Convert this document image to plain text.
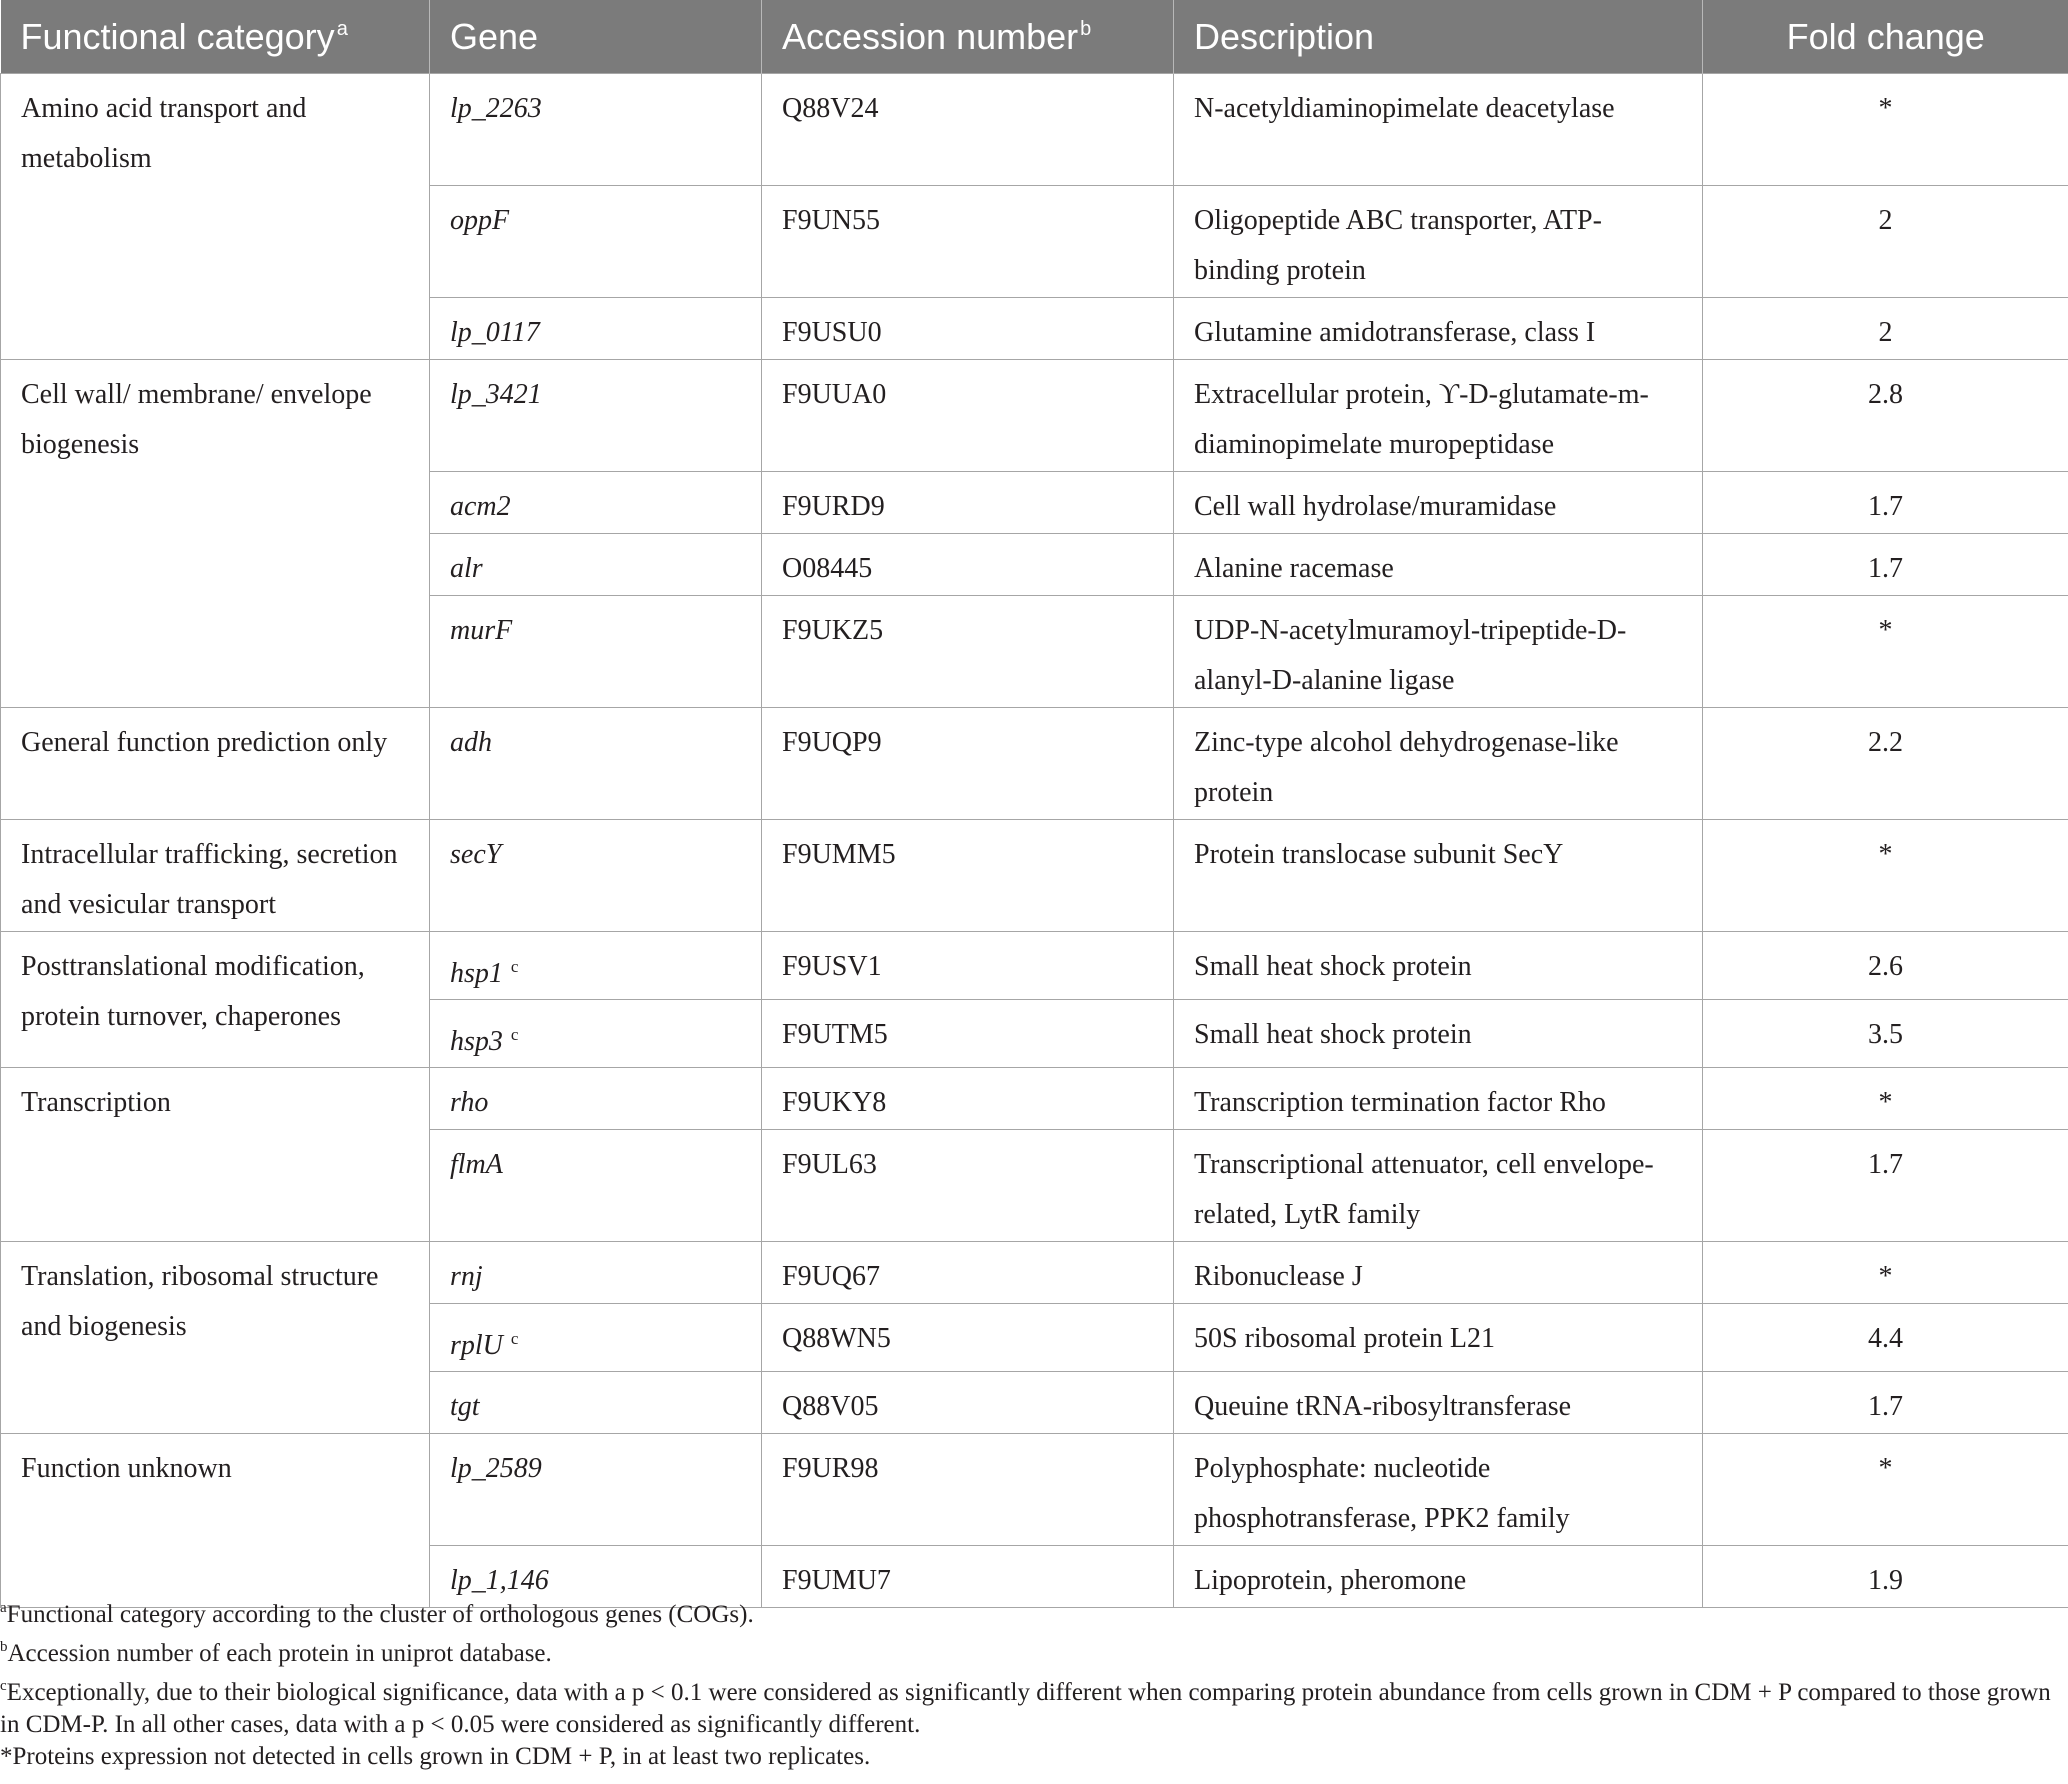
Functional category $^a$	Gene	Accession number $^b$	Description	Fold change
Amino acid transport and metabolism	lp_2263	Q88V24	N-acetyldiaminopimelate deacetylase	*
	oppF	F9UN55	Oligopeptide ABC transporter, ATP-binding protein	2
	lp_0117	F9USU0	Glutamine amidotransferase, class I	2
Cell wall/ membrane/ envelope biogenesis	lp_3421	F9UUA0	Extracellular protein, ϒ-D-glutamate-m-diaminopimelate muropeptidase	2.8
	acm2	F9URD9	Cell wall hydrolase/muramidase	1.7
	alr	O08445	Alanine racemase	1.7
	murF	F9UKZ5	UDP-N-acetylmuramoyl-tripeptide-D-alanyl-D-alanine ligase	*
General function prediction only	adh	F9UQP9	Zinc-type alcohol dehydrogenase-like protein	2.2
Intracellular trafficking, secretion and vesicular transport	secY	F9UMM5	Protein translocase subunit SecY	*
Posttranslational modification, protein turnover, chaperones	hsp1 $^c$	F9USV1	Small heat shock protein	2.6
	hsp3 $^c$	F9UTM5	Small heat shock protein	3.5
Transcription	rho	F9UKY8	Transcription termination factor Rho	*
	flmA	F9UL63	Transcriptional attenuator, cell envelope-related, LytR family	1.7
Translation, ribosomal structure and biogenesis	rnj	F9UQ67	Ribonuclease J	*
	rplU $^c$	Q88WN5	50S ribosomal protein L21	4.4
	tgt	Q88V05	Queuine tRNA-ribosyltransferase	1.7
Function unknown	lp_2589	F9UR98	Polyphosphate: nucleotide phosphotransferase, PPK2 family	*
	lp_1,146	F9UMU7	Lipoprotein, pheromone	1.9

$^a$Functional category according to the cluster of orthologous genes (COGs).

$^b$Accession number of each protein in uniprot database.

$^c$Exceptionally, due to their biological significance, data with a p < 0.1 were considered as significantly different when comparing protein abundance from cells grown in CDM + P compared to those grown in CDM-P. In all other cases, data with a p < 0.05 were considered as significantly different.

*Proteins expression not detected in cells grown in CDM + P, in at least two replicates.
